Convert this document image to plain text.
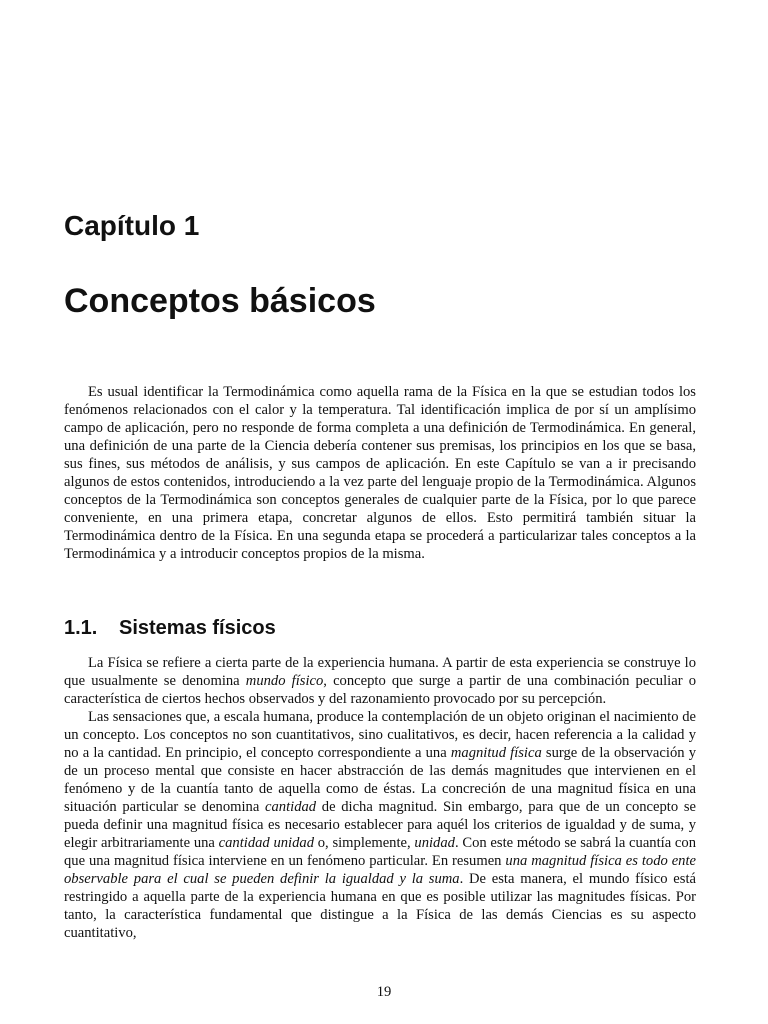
Capítulo 1
Conceptos básicos

Es usual identificar la Termodinámica como aquella rama de la Física en la que se estudian todos los fenómenos relacionados con el calor y la temperatura. Tal identificación implica de por sí un amplísimo campo de aplicación, pero no responde de forma completa a una definición de Termodinámica. En general, una definición de una parte de la Ciencia debería contener sus premisas, los principios en los que se basa, sus fines, sus métodos de análisis, y sus campos de aplicación. En este Capítulo se van a ir precisando algunos de estos contenidos, introduciendo a la vez parte del lenguaje propio de la Termodinámica. Algunos conceptos de la Termodinámica son conceptos generales de cualquier parte de la Física, por lo que parece conveniente, en una primera etapa, concretar algunos de ellos. Esto permitirá también situar la Termodinámica dentro de la Física. En una segunda etapa se procederá a particularizar tales conceptos a la Termodinámica y a introducir conceptos propios de la misma.

1.1. Sistemas físicos

La Física se refiere a cierta parte de la experiencia humana. A partir de esta experiencia se construye lo que usualmente se denomina mundo físico, concepto que surge a partir de una combinación peculiar o característica de ciertos hechos observados y del razonamiento provocado por su percepción.

Las sensaciones que, a escala humana, produce la contemplación de un objeto originan el nacimiento de un concepto. Los conceptos no son cuantitativos, sino cualitativos, es decir, hacen referencia a la calidad y no a la cantidad. En principio, el concepto correspondiente a una magnitud física surge de la observación y de un proceso mental que consiste en hacer abstracción de las demás magnitudes que intervienen en el fenómeno y de la cuantía tanto de aquella como de éstas. La concreción de una magnitud física en una situación particular se denomina cantidad de dicha magnitud. Sin embargo, para que de un concepto se pueda definir una magnitud física es necesario establecer para aquél los criterios de igualdad y de suma, y elegir arbitrariamente una cantidad unidad o, simplemente, unidad. Con este método se sabrá la cuantía con que una magnitud física interviene en un fenómeno particular. En resumen una magnitud física es todo ente observable para el cual se pueden definir la igualdad y la suma. De esta manera, el mundo físico está restringido a aquella parte de la experiencia humana en que es posible utilizar las magnitudes físicas. Por tanto, la característica fundamental que distingue a la Física de las demás Ciencias es su aspecto cuantitativo,

19
